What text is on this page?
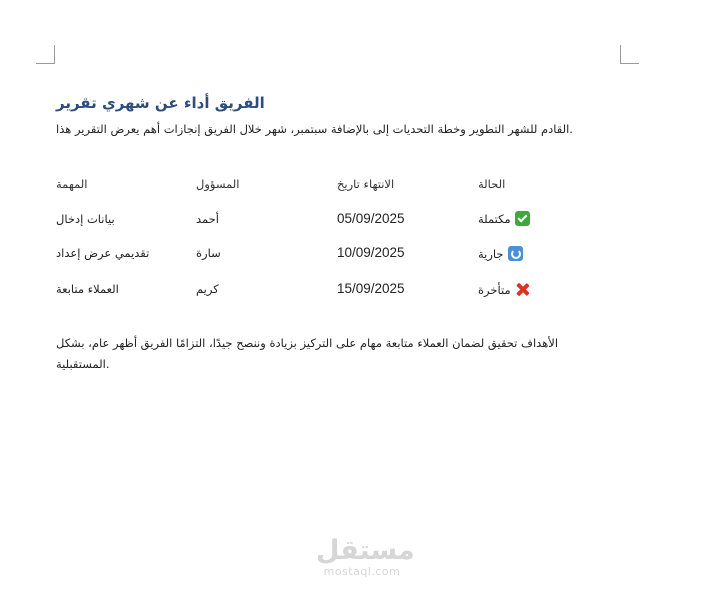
الفريق أداء عن شهري تقرير
القادم للشهر التطوير وخطة التحديات إلى بالإضافة سبتمبر، شهر خلال الفريق إنجازات أهم يعرض التقرير هذا.
المهمة	المسؤول	الانتهاء تاريخ	الحالة
بيانات إدخال	أحمد	05/09/2025	مكتملة
تقديمي عرض إعداد	سارة	10/09/2025	جارية
العملاء متابعة	كريم	15/09/2025	متأخرة
الأهداف تحقيق لضمان العملاء متابعة مهام على التركيز بزيادة وننصح جيدًا، التزامًا الفريق أظهر عام، بشكل
المستقبلية.
مستقل
mostaql.com
